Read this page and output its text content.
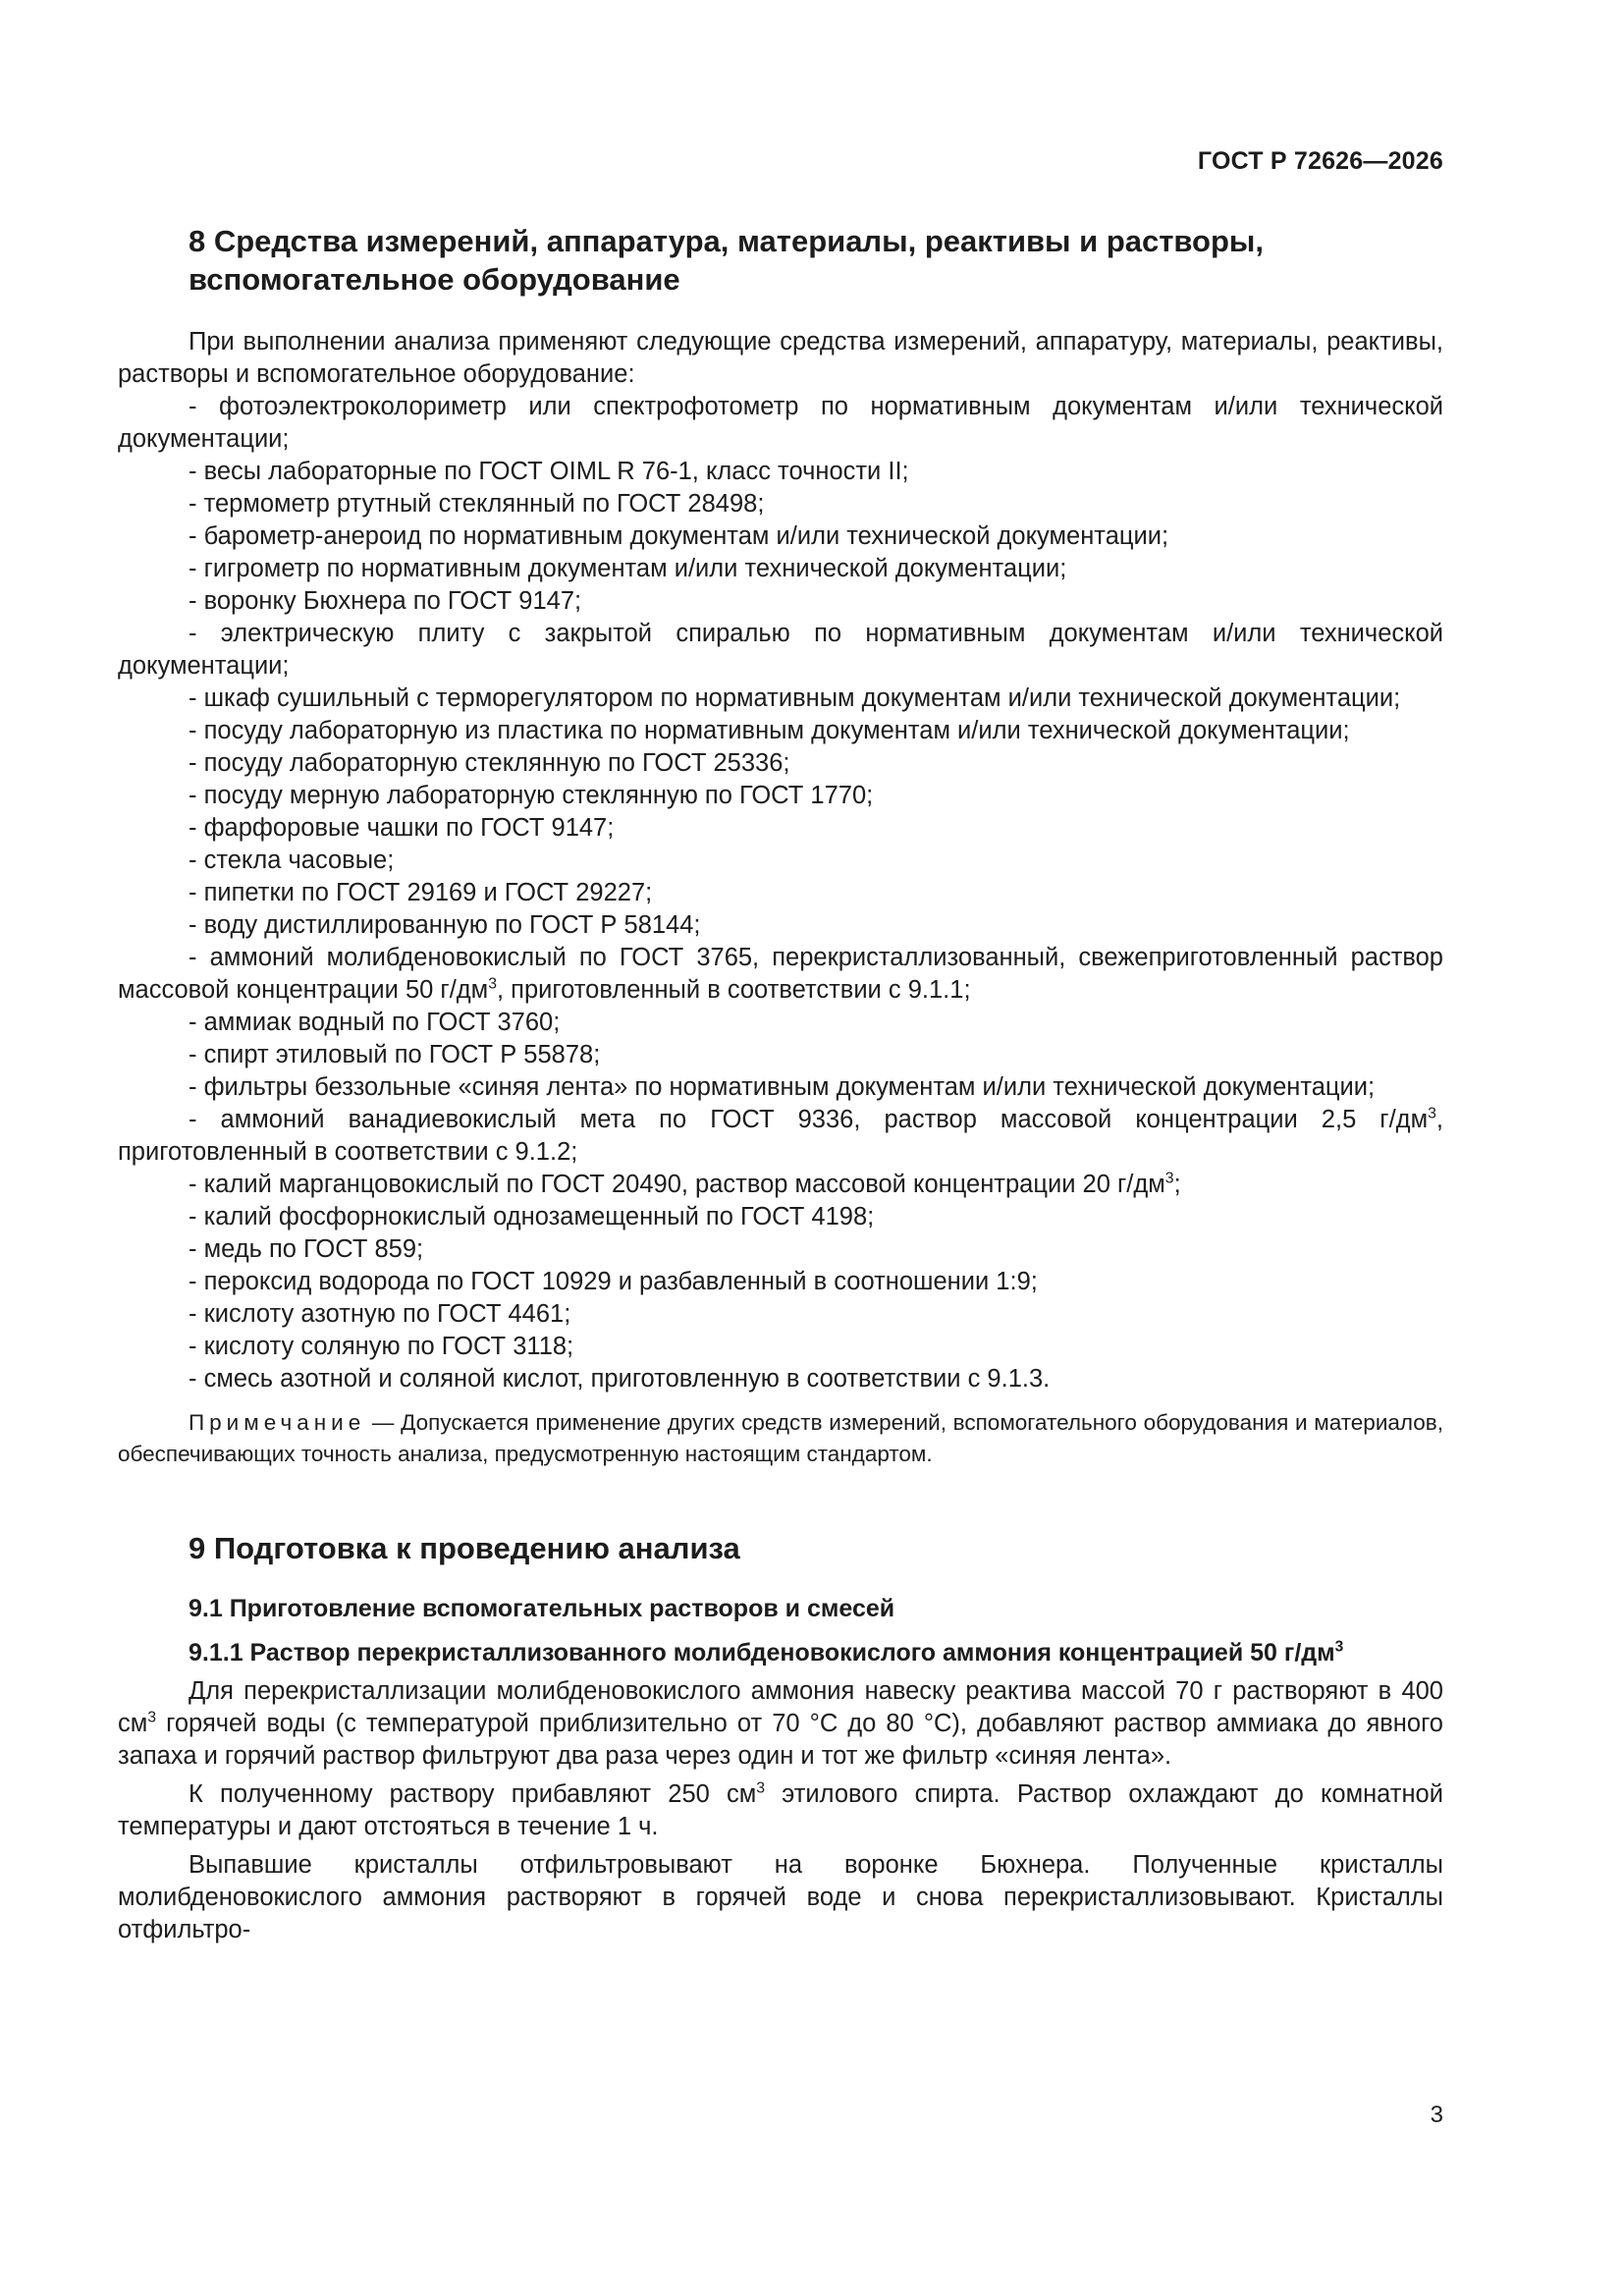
ГОСТ Р 72626—2026
8 Средства измерений, аппаратура, материалы, реактивы и растворы,
вспомогательное оборудование

При выполнении анализа применяют следующие средства измерений, аппаратуру, материалы, реактивы, растворы и вспомогательное оборудование:

- фотоэлектроколориметр или спектрофотометр по нормативным документам и/или технической документации;
- весы лабораторные по ГОСТ OIML R 76-1, класс точности II;
- термометр ртутный стеклянный по ГОСТ 28498;
- барометр-анероид по нормативным документам и/или технической документации;
- гигрометр по нормативным документам и/или технической документации;
- воронку Бюхнера по ГОСТ 9147;
- электрическую плиту с закрытой спиралью по нормативным документам и/или технической документации;
- шкаф сушильный с терморегулятором по нормативным документам и/или технической документации;
- посуду лабораторную из пластика по нормативным документам и/или технической документации;
- посуду лабораторную стеклянную по ГОСТ 25336;
- посуду мерную лабораторную стеклянную по ГОСТ 1770;
- фарфоровые чашки по ГОСТ 9147;
- стекла часовые;
- пипетки по ГОСТ 29169 и ГОСТ 29227;
- воду дистиллированную по ГОСТ Р 58144;
- аммоний молибденовокислый по ГОСТ 3765, перекристаллизованный, свежеприготовленный раствор массовой концентрации 50 $г/дм^3$, приготовленный в соответствии с 9.1.1;
- аммиак водный по ГОСТ 3760;
- спирт этиловый по ГОСТ Р 55878;
- фильтры беззольные «синяя лента» по нормативным документам и/или технической документации;
- аммоний ванадиевокислый мета по ГОСТ 9336, раствор массовой концентрации 2,5 $г/дм^3$, приготовленный в соответствии с 9.1.2;
- калий марганцовокислый по ГОСТ 20490, раствор массовой концентрации 20 $г/дм^3$;
- калий фосфорнокислый однозамещенный по ГОСТ 4198;
- медь по ГОСТ 859;
- пероксид водорода по ГОСТ 10929 и разбавленный в соотношении 1:9;
- кислоту азотную по ГОСТ 4461;
- кислоту соляную по ГОСТ 3118;
- смесь азотной и соляной кислот, приготовленную в соответствии с 9.1.3.

Примечание — Допускается применение других средств измерений, вспомогательного оборудования и материалов, обеспечивающих точность анализа, предусмотренную настоящим стандартом.

9 Подготовка к проведению анализа
9.1 Приготовление вспомогательных растворов и смесей
9.1.1 Раствор перекристаллизованного молибденовокислого аммония концентрацией 50 $г/дм^3$

Для перекристаллизации молибденовокислого аммония навеску реактива массой 70 г растворяют в 400 $см^3$ горячей воды (с температурой приблизительно от 70 °С до 80 °С), добавляют раствор аммиака до явного запаха и горячий раствор фильтруют два раза через один и тот же фильтр «синяя лента».

К полученному раствору прибавляют 250 $см^3$ этилового спирта. Раствор охлаждают до комнатной температуры и дают отстояться в течение 1 ч.

Выпавшие кристаллы отфильтровывают на воронке Бюхнера. Полученные кристаллы молибденовокислого аммония растворяют в горячей воде и снова перекристаллизовывают. Кристаллы отфильтро-

3
